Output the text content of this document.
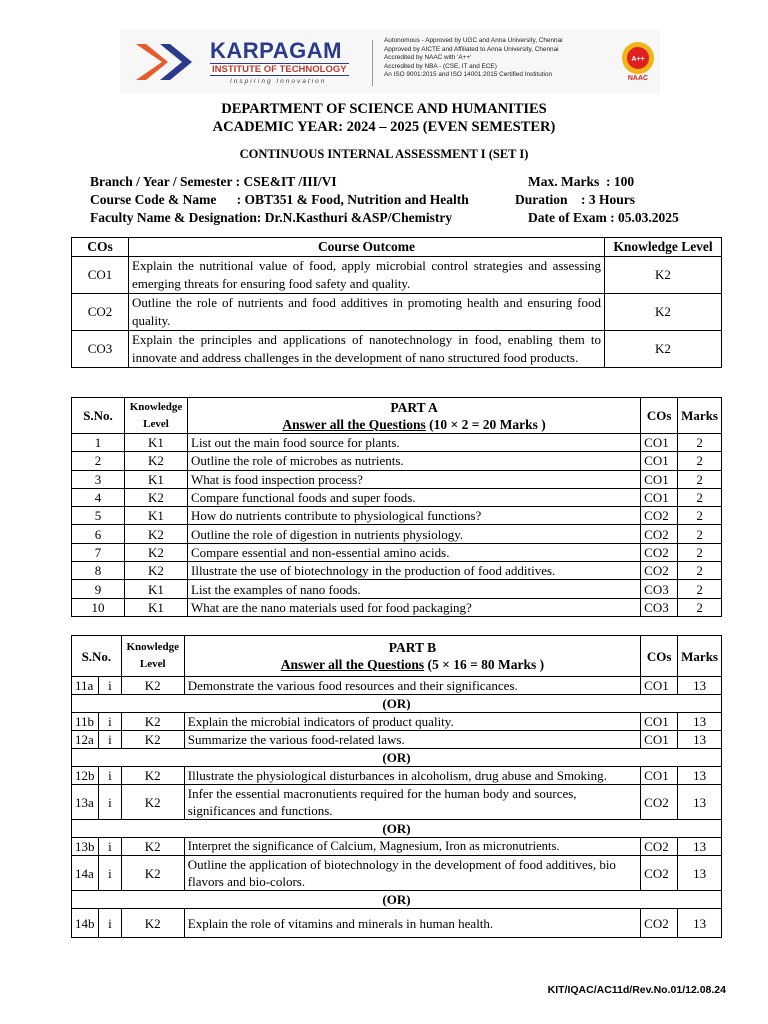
KARPAGAM
INSTITUTE OF TECHNOLOGY
Inspiring Innovation
Autonomous - Approved by UGC and Anna University, Chennai
Approved by AICTE and Affiliated to Anna University, Chennai
Accredited by NAAC with 'A++'
Accredited by NBA - (CSE, IT and ECE)
An ISO 9001:2015 and ISO 14001:2015 Certified Institution
A++
NAAC
DEPARTMENT OF SCIENCE AND HUMANITIES
ACADEMIC YEAR: 2024 – 2025 (EVEN SEMESTER)
CONTINUOUS INTERNAL ASSESSMENT I (SET I)
Branch / Year / Semester : CSE&IT /III/VI
Course Code & Name      : OBT351 & Food, Nutrition and Health
Faculty Name & Designation: Dr.N.Kasthuri &ASP/Chemistry
Max. Marks  : 100
Duration    : 3 Hours
Date of Exam : 05.03.2025
COs	Course Outcome	Knowledge Level
CO1	Explain the nutritional value of food, apply microbial control strategies and assessing emerging threats for ensuring food safety and quality.	K2
CO2	Outline the role of nutrients and food additives in promoting health and ensuring food quality.	K2
CO3	Explain the principles and applications of nanotechnology in food, enabling them to innovate and address challenges in the development of nano structured food products.	K2
S.No.	Knowledge Level	PART A
Answer all the Questions (10 × 2 = 20 Marks )	COs	Marks
1	K1	List out the main food source for plants.	CO1	2
2	K2	Outline the role of microbes as nutrients.	CO1	2
3	K1	What is food inspection process?	CO1	2
4	K2	Compare functional foods and super foods.	CO1	2
5	K1	How do nutrients contribute to physiological functions?	CO2	2
6	K2	Outline the role of digestion in nutrients physiology.	CO2	2
7	K2	Compare essential and non-essential amino acids.	CO2	2
8	K2	Illustrate the use of biotechnology in the production of food additives.	CO2	2
9	K1	List the examples of nano foods.	CO3	2
10	K1	What are the nano materials used for food packaging?	CO3	2
S.No.		Knowledge Level	PART B
Answer all the Questions (5 × 16 = 80 Marks )	COs	Marks
11a	i	K2	Demonstrate the various food resources and their significances.	CO1	13
(OR)					
11b	i	K2	Explain the microbial indicators of product quality.	CO1	13
12a	i	K2	Summarize the various food-related laws.	CO1	13
(OR)					
12b	i	K2	Illustrate the physiological disturbances in alcoholism, drug abuse and Smoking.	CO1	13
13a	i	K2	Infer the essential macronutients required for the human body and sources, significances and functions.	CO2	13
(OR)					
13b	i	K2	Interpret the significance of Calcium, Magnesium, Iron as micronutrients.	CO2	13
14a	i	K2	Outline the application of biotechnology in the development of food additives, bio flavors and bio-colors.	CO2	13
(OR)					
14b	i	K2	Explain the role of vitamins and minerals in human health.	CO2	13
KIT/IQAC/AC11d/Rev.No.01/12.08.24
